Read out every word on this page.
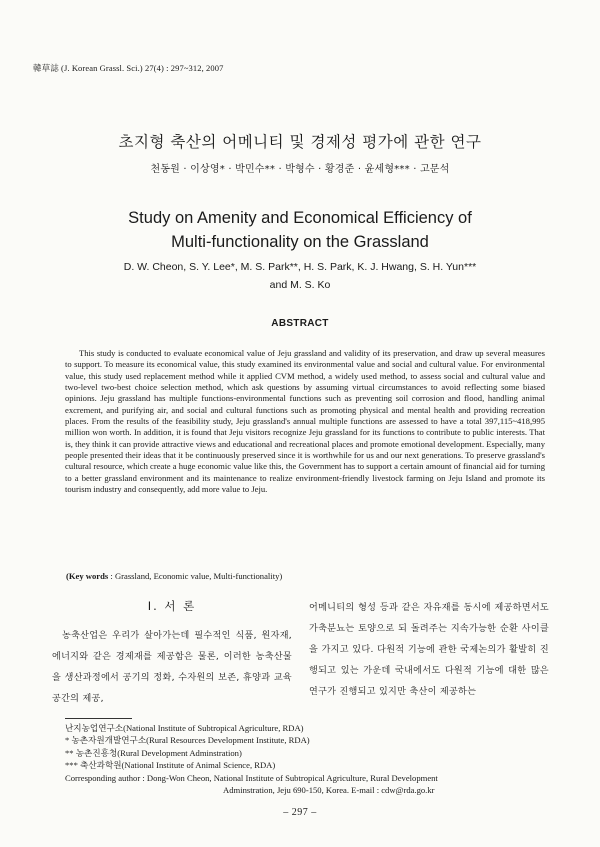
韓草誌 (J. Korean Grassl. Sci.) 27(4) : 297~312, 2007
초지형 축산의 어메니티 및 경제성 평가에 관한 연구
천동원 · 이상영* · 박민수** · 박형수 · 황경준 · 윤세형*** · 고문석
Study on Amenity and Economical Efficiency of
Multi-functionality on the Grassland
D. W. Cheon, S. Y. Lee*, M. S. Park**, H. S. Park, K. J. Hwang, S. H. Yun***
and M. S. Ko
ABSTRACT
This study is conducted to evaluate economical value of Jeju grassland and validity of its preservation, and draw up several measures to support. To measure its economical value, this study examined its environmental value and social and cultural value. For environmental value, this study used replacement method while it applied CVM method, a widely used method, to assess social and cultural value and two-level two-best choice selection method, which ask questions by assuming virtual circumstances to avoid reflecting some biased opinions. Jeju grassland has multiple functions-environmental functions such as preventing soil corrosion and flood, handling animal excrement, and purifying air, and social and cultural functions such as promoting physical and mental health and providing recreation places. From the results of the feasibility study, Jeju grassland's annual multiple functions are assessed to have a total 397,115~418,995 million won worth. In addition, it is found that Jeju visitors recognize Jeju grassland for its functions to contribute to public interests. That is, they think it can provide attractive views and educational and recreational places and promote emotional development. Especially, many people presented their ideas that it be continuously preserved since it is worthwhile for us and our next generations. To preserve grassland's cultural resource, which create a huge economic value like this, the Government has to support a certain amount of financial aid for turning to a better grassland environment and its maintenance to realize environment-friendly livestock farming on Jeju Island and promote its tourism industry and consequently, add more value to Jeju.
(Key words : Grassland, Economic value, Multi-functionality)
Ⅰ. 서 론
농축산업은 우리가 살아가는데 필수적인 식품, 원자재, 에너지와 같은 경제재를 제공함은 물론, 이러한 농축산물을 생산과정에서 공기의 정화, 수자원의 보존, 휴양과 교육공간의 제공,
어메니티의 형성 등과 같은 자유재를 동시에 제공하면서도 가축분뇨는 토양으로 되 돌려주는 지속가능한 순환 사이클을 가지고 있다. 다원적 기능에 관한 국제논의가 활발히 진행되고 있는 가운데 국내에서도 다원적 기능에 대한 많은 연구가 진행되고 있지만 축산이 제공하는
난지농업연구소(National Institute of Subtropical Agriculture, RDA)
* 농촌자원개발연구소(Rural Resources Development Institute, RDA)
** 농촌진흥청(Rural Development Adminstration)
*** 축산과학원(National Institute of Animal Science, RDA)
Corresponding author : Dong-Won Cheon, National Institute of Subtropical Agriculture, Rural Development
Adminstration, Jeju 690-150, Korea. E-mail : cdw@rda.go.kr
– 297 –
